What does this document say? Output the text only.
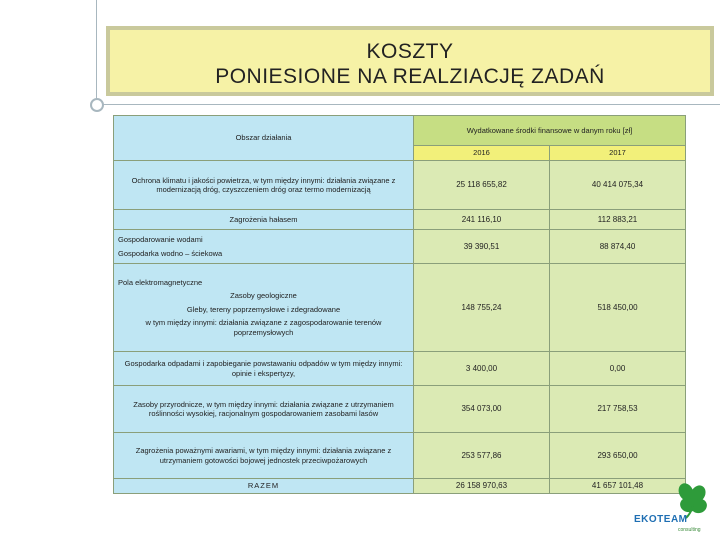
KOSZTY
PONIESIONE NA REALZIACJĘ ZADAŃ
Obszar działania	Wydatkowane środki finansowe w danym roku [zł]	
	2016	2017

Ochrona klimatu i jakości powietrza, w tym między innymi: działania związane z modernizacją dróg, czyszczeniem dróg oraz termo modernizacją	25 118 655,82	40 414 075,34

Zagrożenia hałasem	241 116,10	112 883,21

Gospodarowanie wodami
Gospodarka wodno – ściekowa	39 390,51	88 874,40

Pola elektromagnetyczne
Zasoby geologiczne
Gleby, tereny poprzemysłowe i zdegradowane
w tym między innymi: działania związane z zagospodarowanie terenów poprzemysłowych	148 755,24	518 450,00

Gospodarka odpadami i zapobieganie powstawaniu odpadów w tym między innymi: opinie i ekspertyzy,	3 400,00	0,00

Zasoby przyrodnicze, w tym między innymi: działania związane z utrzymaniem roślinności wysokiej, racjonalnym gospodarowaniem zasobami lasów	354 073,00	217 758,53

Zagrożenia poważnymi awariami, w tym między innymi: działania związane z utrzymaniem gotowości bojowej jednostek przeciwpożarowych	253 577,86	293 650,00
RAZEM	26 158 970,63	41 657 101,48
EKOTEAM
consulting
